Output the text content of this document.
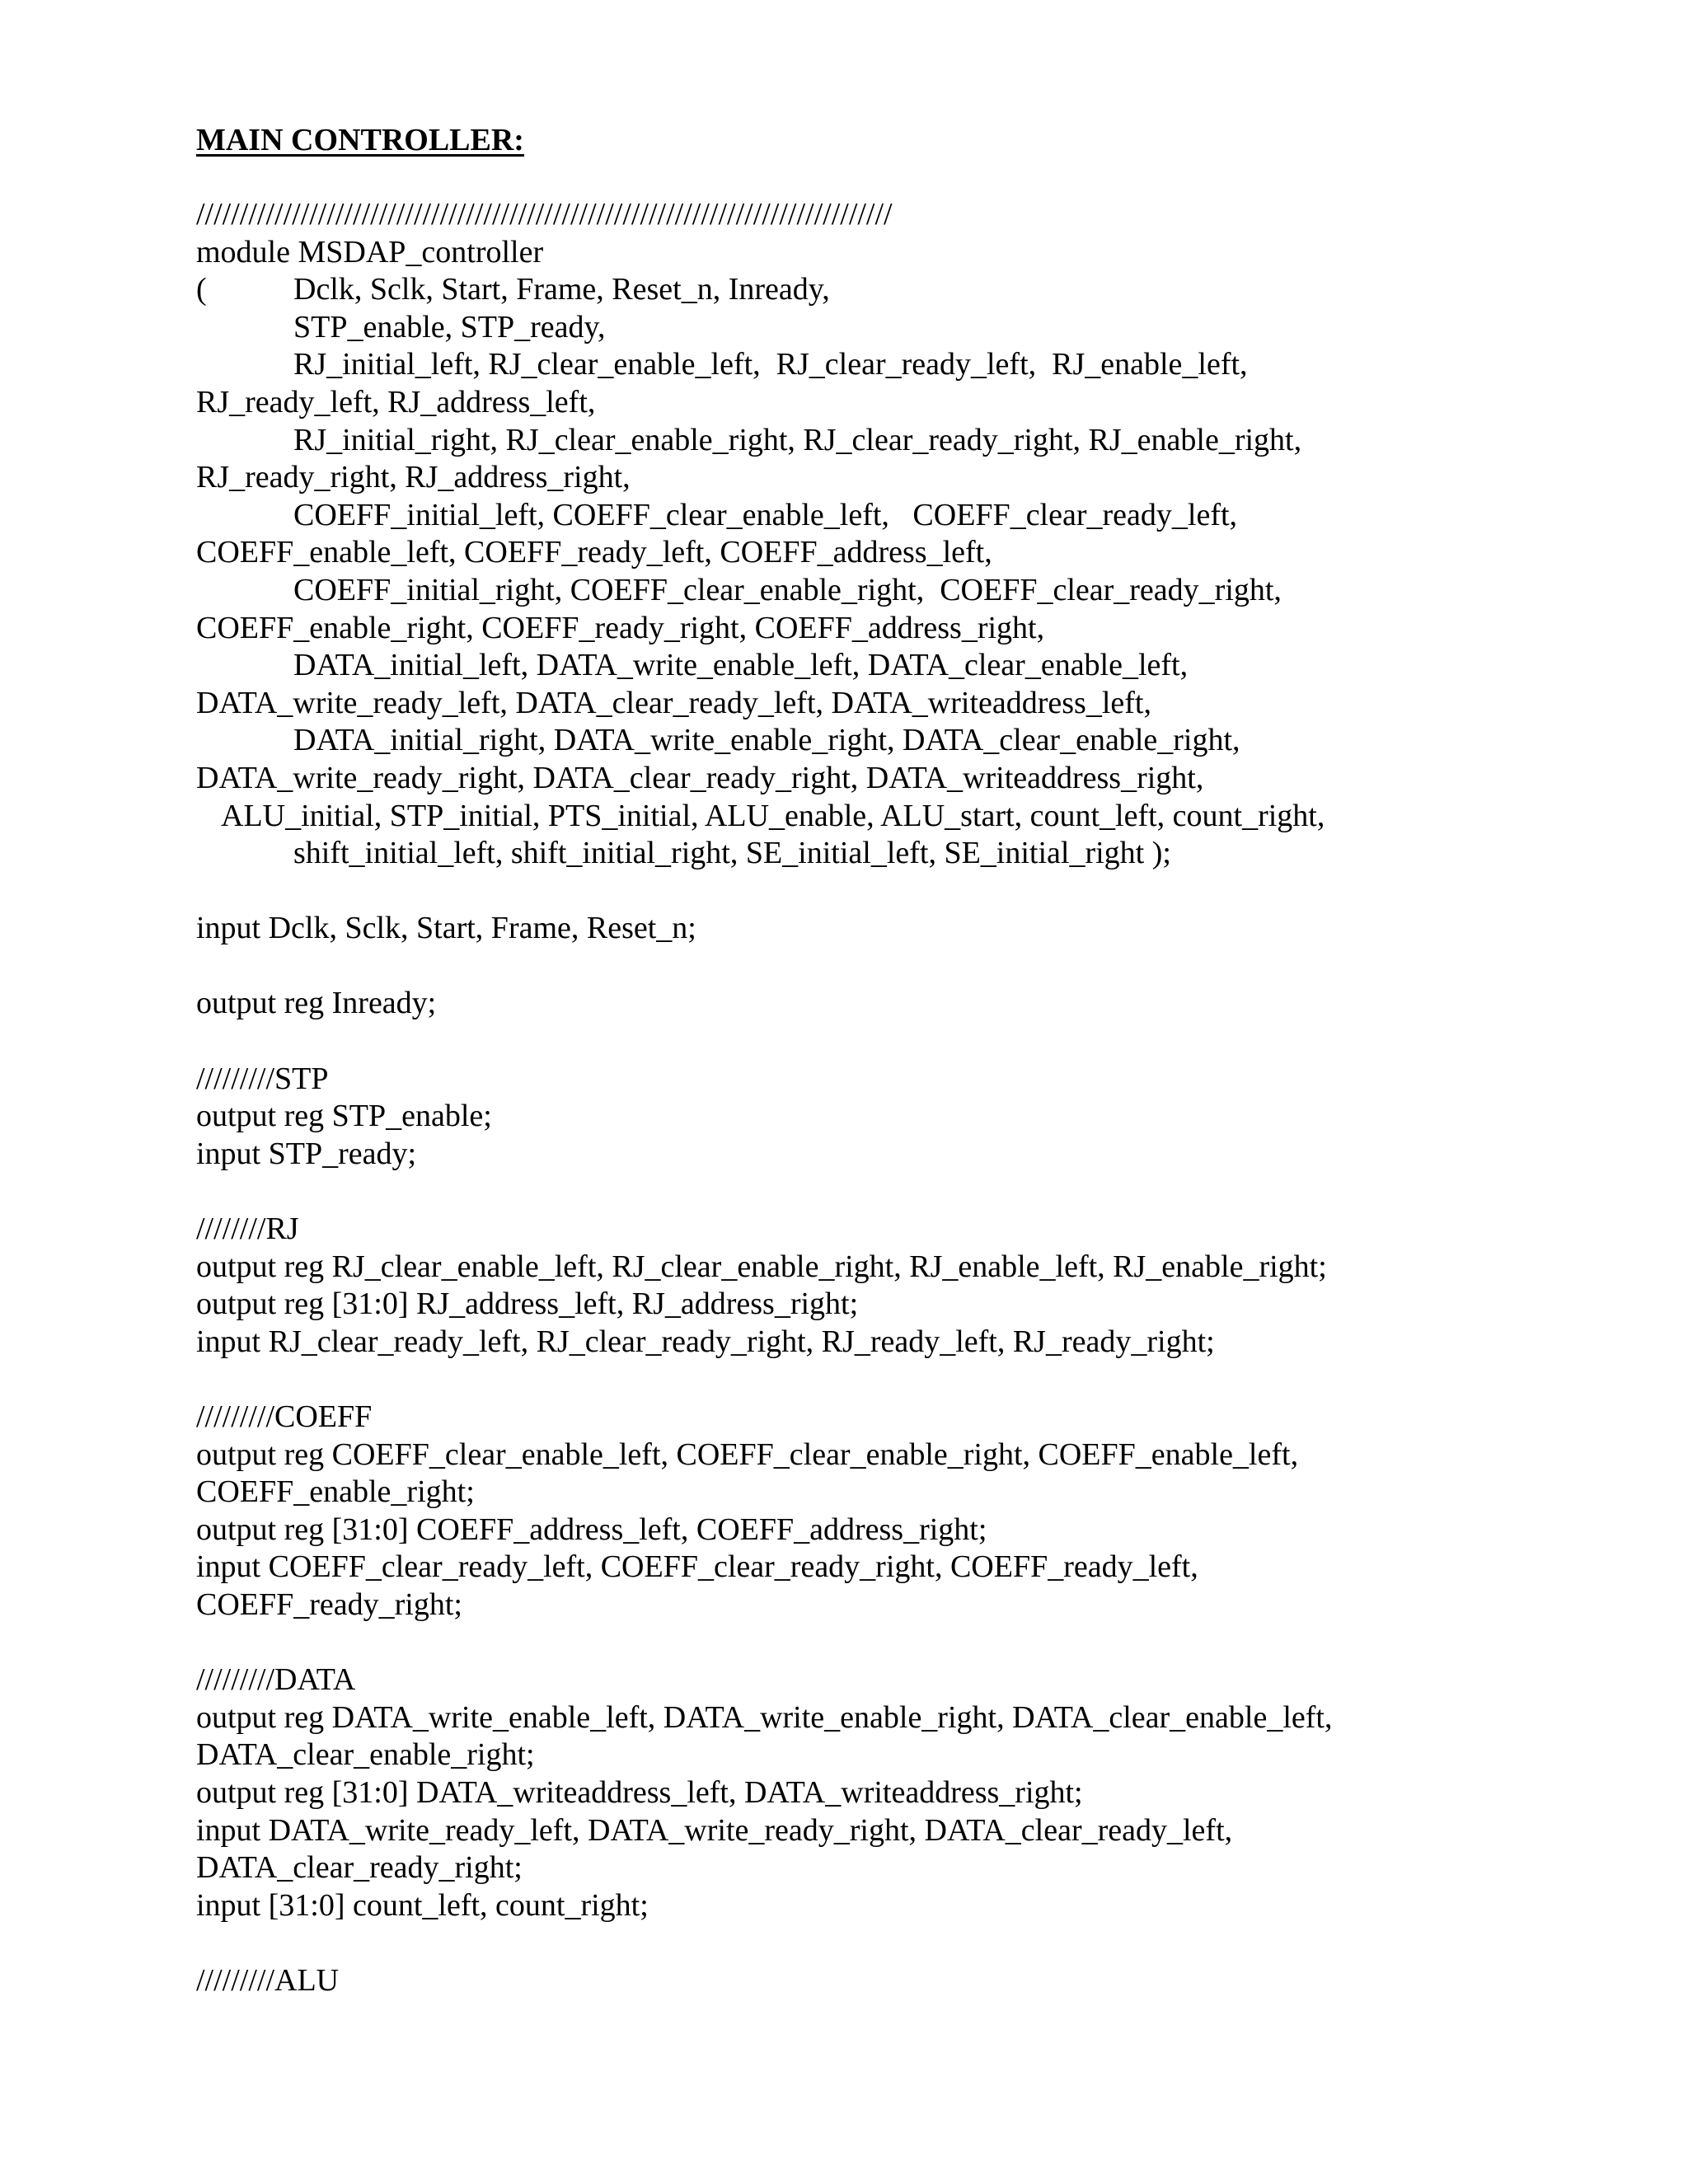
MAIN CONTROLLER:
////////////////////////////////////////////////////////////////////////////////
module MSDAP_controller

(

	Dclk, Sclk, Start, Frame, Reset_n, Inready,

STP_enable, STP_ready,
RJ_initial_left, RJ_clear_enable_left,  RJ_clear_ready_left,  RJ_enable_left,
RJ_ready_left, RJ_address_left,
RJ_initial_right, RJ_clear_enable_right, RJ_clear_ready_right, RJ_enable_right,
RJ_ready_right, RJ_address_right,
COEFF_initial_left, COEFF_clear_enable_left,   COEFF_clear_ready_left,
COEFF_enable_left, COEFF_ready_left, COEFF_address_left,
COEFF_initial_right, COEFF_clear_enable_right,  COEFF_clear_ready_right,
COEFF_enable_right, COEFF_ready_right, COEFF_address_right,
DATA_initial_left, DATA_write_enable_left, DATA_clear_enable_left,
DATA_write_ready_left, DATA_clear_ready_left, DATA_writeaddress_left,
DATA_initial_right, DATA_write_enable_right, DATA_clear_enable_right,
DATA_write_ready_right, DATA_clear_ready_right, DATA_writeaddress_right,
ALU_initial, STP_initial, PTS_initial, ALU_enable, ALU_start, count_left, count_right,
shift_initial_left, shift_initial_right, SE_initial_left, SE_initial_right );
input Dclk, Sclk, Start, Frame, Reset_n;
output reg Inready;
/////////STP
output reg STP_enable;
input STP_ready;
////////RJ
output reg RJ_clear_enable_left, RJ_clear_enable_right, RJ_enable_left, RJ_enable_right;
output reg [31:0] RJ_address_left, RJ_address_right;
input RJ_clear_ready_left, RJ_clear_ready_right, RJ_ready_left, RJ_ready_right;
/////////COEFF
output reg COEFF_clear_enable_left, COEFF_clear_enable_right, COEFF_enable_left,
COEFF_enable_right;
output reg [31:0] COEFF_address_left, COEFF_address_right;
input COEFF_clear_ready_left, COEFF_clear_ready_right, COEFF_ready_left,
COEFF_ready_right;
/////////DATA
output reg DATA_write_enable_left, DATA_write_enable_right, DATA_clear_enable_left,
DATA_clear_enable_right;
output reg [31:0] DATA_writeaddress_left, DATA_writeaddress_right;
input DATA_write_ready_left, DATA_write_ready_right, DATA_clear_ready_left,
DATA_clear_ready_right;
input [31:0] count_left, count_right;
/////////ALU
